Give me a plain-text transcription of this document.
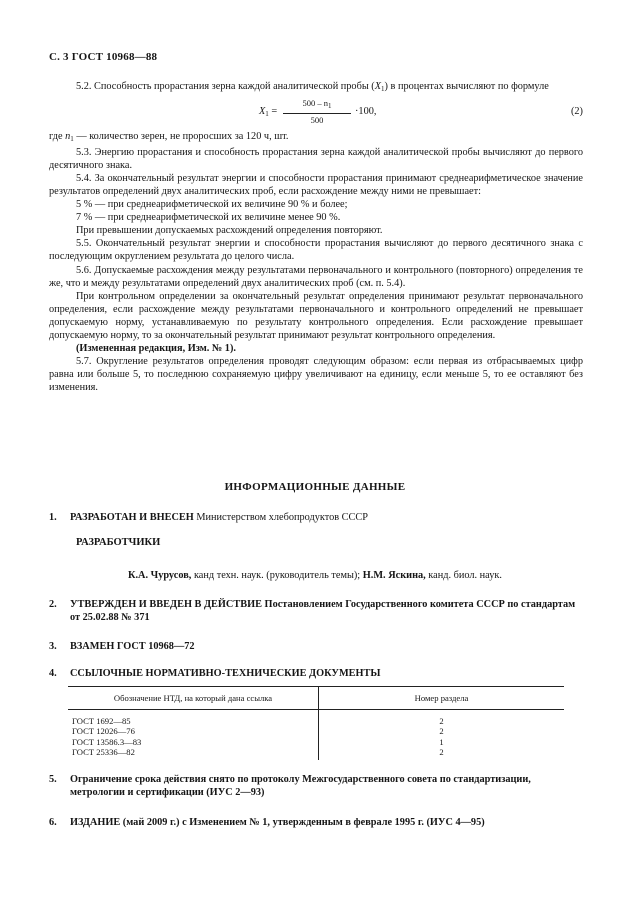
С. 3 ГОСТ 10968—88

5.2. Способность прорастания зерна каждой аналитической пробы $(X_1)$ в процентах вычисляют по формуле

$X_1 = \frac{500 - n_1}{500} \cdot 100$,	(2)

где $n_1$ — количество зерен, не проросших за 120 ч, шт.

5.3. Энергию прорастания и способность прорастания зерна каждой аналитической пробы вычисляют до первого десятичного знака.

5.4. За окончательный результат энергии и способности прорастания принимают среднеарифметическое значение результатов определений двух аналитических проб, если расхождение между ними не превышает:

5 % — при среднеарифметической их величине 90 % и более;

7 % — при среднеарифметической их величине менее 90 %.

При превышении допускаемых расхождений определения повторяют.

5.5. Окончательный результат энергии и способности прорастания вычисляют до первого десятичного знака с последующим округлением результата до целого числа.

5.6. Допускаемые расхождения между результатами первоначального и контрольного (повторного) определения те же, что и между результатами определений двух аналитических проб (см. п. 5.4).

При контрольном определении за окончательный результат определения принимают результат первоначального определения, если расхождение между результатами первоначального и контрольного определений не превышает допускаемую норму, устанавливаемую по результату контрольного определения. Если расхождение превышает допускаемую норму, то за окончательный результат принимают результат контрольного определения.

(Измененная редакция, Изм. № 1).

5.7. Округление результатов определения проводят следующим образом: если первая из отбрасываемых цифр равна или больше 5, то последнюю сохраняемую цифру увеличивают на единицу, если меньше 5, то ее оставляют без изменения.

ИНФОРМАЦИОННЫЕ ДАННЫЕ
1. РАЗРАБОТАН И ВНЕСЕН Министерством хлебопродуктов СССР
РАЗРАБОТЧИКИ
К.А. Чурусов, канд техн. наук. (руководитель темы); Н.М. Яскина, канд. биол. наук.
2. УТВЕРЖДЕН И ВВЕДЕН В ДЕЙСТВИЕ Постановлением Государственного комитета СССР по стандартам от 25.02.88 № 371
3. ВЗАМЕН ГОСТ 10968—72
4. ССЫЛОЧНЫЕ НОРМАТИВНО-ТЕХНИЧЕСКИЕ ДОКУМЕНТЫ
Обозначение НТД, на который дана ссылка	Номер раздела
ГОСТ 1692—85	2
ГОСТ 12026—76	2
ГОСТ 13586.3—83	1
ГОСТ 25336—82	2
5. Ограничение срока действия снято по протоколу Межгосударственного совета по стандартизации, метрологии и сертификации (ИУС 2—93)
6. ИЗДАНИЕ (май 2009 г.) с Изменением № 1, утвержденным в феврале 1995 г. (ИУС 4—95)
